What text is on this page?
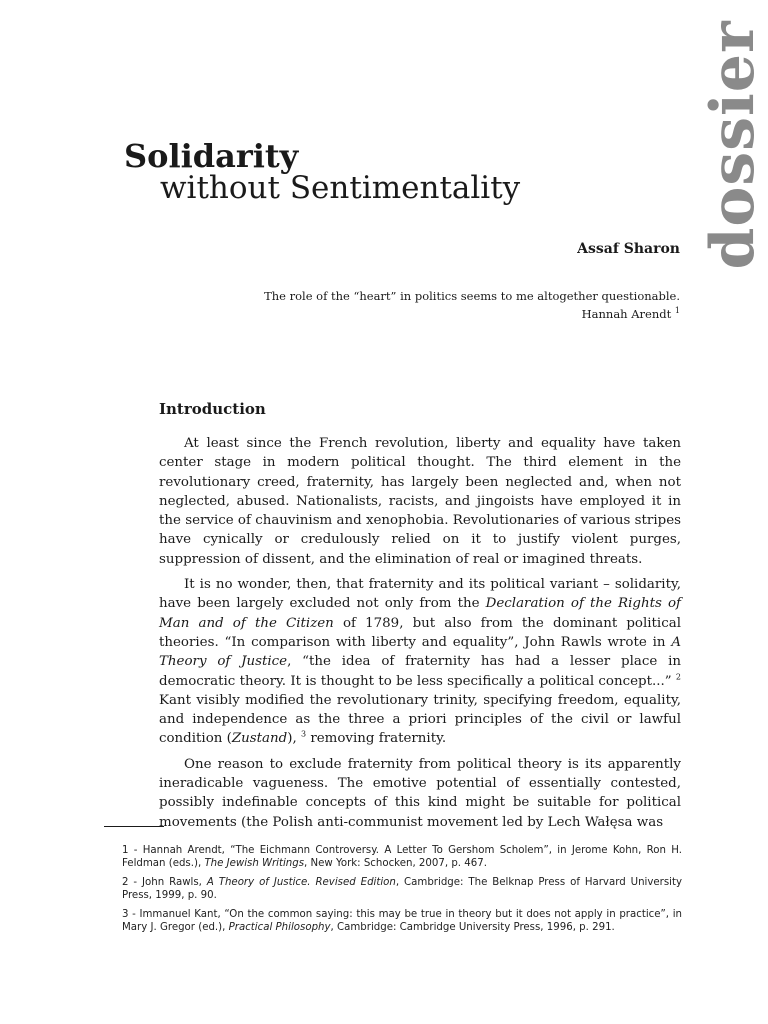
dossier
Solidarity
without Sentimentality
Assaf Sharon
The role of the “heart” in politics seems to me altogether questionable.
Hannah Arendt $^1$
Introduction

At least since the French revolution, liberty and equality have taken center stage in modern political thought. The third element in the revolutionary creed, fraternity, has largely been neglected and, when not neglected, abused. Nationalists, racists, and jingoists have employed it in the service of chauvinism and xenophobia. Revolutionaries of various stripes have cynically or credulously relied on it to justify violent purges, suppression of dissent, and the elimination of real or imagined threats.

It is no wonder, then, that fraternity and its political variant – solidarity, have been largely excluded not only from the Declaration of the Rights of Man and of the Citizen of 1789, but also from the dominant political theories. “In comparison with liberty and equality”, John Rawls wrote in A Theory of Justice, “the idea of fraternity has had a lesser place in democratic theory. It is thought to be less specifically a political concept...” $^2$ Kant visibly modified the revolutionary trinity, specifying freedom, equality, and independence as the three a priori principles of the civil or lawful condition (Zustand), $^3$ removing fraternity.

One reason to exclude fraternity from political theory is its apparently ineradicable vagueness. The emotive potential of essentially contested, possibly indefinable concepts of this kind might be suitable for political movements (the Polish anti-communist movement led by Lech Wałęsa was

1 - Hannah Arendt, “The Eichmann Controversy. A Letter To Gershom Scholem”, in Jerome Kohn, Ron H. Feldman (eds.), The Jewish Writings, New York: Schocken, 2007, p. 467.

2 - John Rawls, A Theory of Justice. Revised Edition, Cambridge: The Belknap Press of Harvard University Press, 1999, p. 90.

3 - Immanuel Kant, “On the common saying: this may be true in theory but it does not apply in practice”, in Mary J. Gregor (ed.), Practical Philosophy, Cambridge: Cambridge University Press, 1996, p. 291.
